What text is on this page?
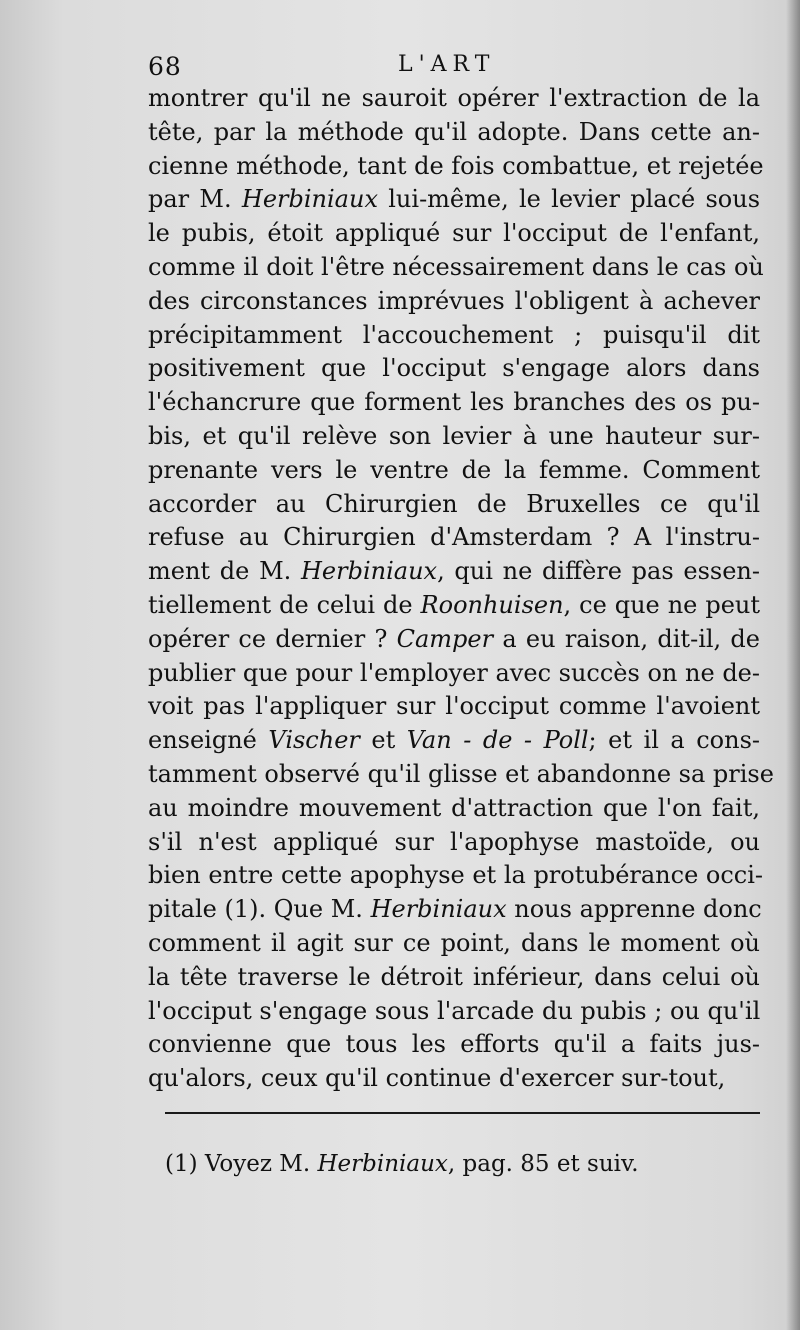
68	L'ART
montrer qu'il ne sauroit opérer l'extraction de la
tête, par la méthode qu'il adopte. Dans cette an-
cienne méthode, tant de fois combattue, et rejetée
par M. Herbiniaux lui-même, le levier placé sous
le pubis, étoit appliqué sur l'occiput de l'enfant,
comme il doit l'être nécessairement dans le cas où
des circonstances imprévues l'obligent à achever
précipitamment l'accouchement ; puisqu'il dit
positivement que l'occiput s'engage alors dans
l'échancrure que forment les branches des os pu-
bis, et qu'il relève son levier à une hauteur sur-
prenante vers le ventre de la femme. Comment
accorder au Chirurgien de Bruxelles ce qu'il
refuse au Chirurgien d'Amsterdam ? A l'instru-
ment de M. Herbiniaux, qui ne diffère pas essen-
tiellement de celui de Roonhuisen, ce que ne peut
opérer ce dernier ? Camper a eu raison, dit-il, de
publier que pour l'employer avec succès on ne de-
voit pas l'appliquer sur l'occiput comme l'avoient
enseigné Vischer et Van - de - Poll; et il a cons-
tamment observé qu'il glisse et abandonne sa prise
au moindre mouvement d'attraction que l'on fait,
s'il n'est appliqué sur l'apophyse mastoïde, ou
bien entre cette apophyse et la protubérance occi-
pitale (1). Que M. Herbiniaux nous apprenne donc
comment il agit sur ce point, dans le moment où
la tête traverse le détroit inférieur, dans celui où
l'occiput s'engage sous l'arcade du pubis ; ou qu'il
convienne que tous les efforts qu'il a faits jus-
qu'alors, ceux qu'il continue d'exercer sur-tout,
(1) Voyez M. Herbiniaux, pag. 85 et suiv.
